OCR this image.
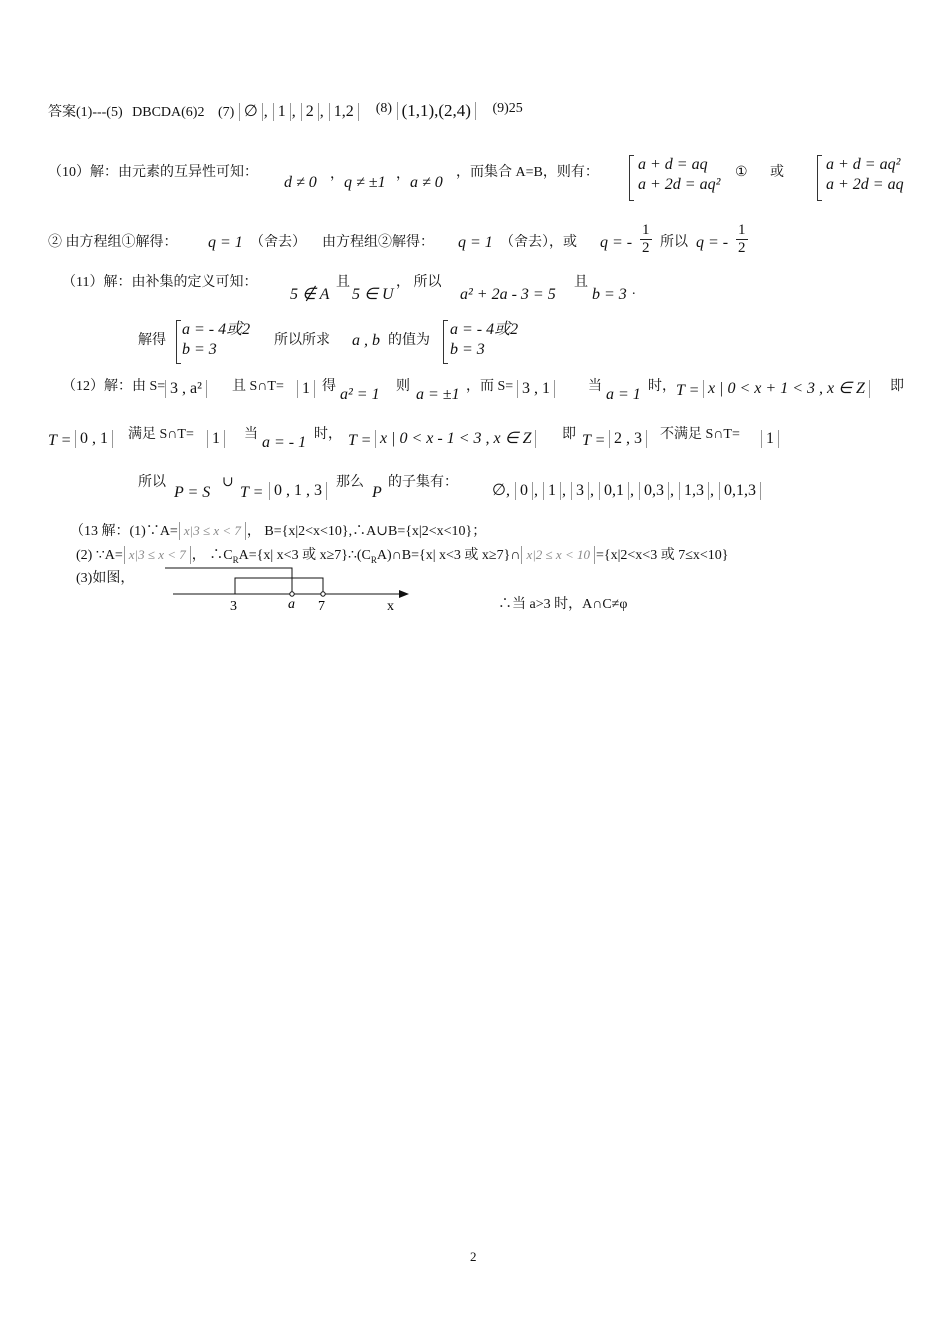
答案(1)---(5) DBCDA(6)2 (7) ∅ , 1 , 2 , 1,2 (8) (1,1),(2,4) (9)25
（10）解：由元素的互异性可知：
d ≠ 0 ， q ≠ ±1 ， a ≠ 0
，而集合 A=B，则有： a + d = aq
a + 2d = aq²
① 或	a + d = aq²
a + 2d = aq
② 由方程组①解得： q = 1 （舍去） 由方程组②解得： q = 1 （舍去），或 q = - $\frac{1}{2}$ 所以 q = - $\frac{1}{2}$
（11）解：由补集的定义可知：
5 ∉ A
且
5 ∈ U
， 所以
a² + 2a - 3 = 5
且
b = 3 .
解得
a = - 4或2
b = 3
所以所求 a , b 的值为
a = - 4或2
b = 3
（12）解：由 S= 3 , a²	且 S∩T=	1 得 a² = 1 则 a = ±1 ，而 S= 3 , 1	当 a = 1 时， T = x | 0 < x + 1 < 3 , x ∈ Z	即
T = 0 , 1	满足 S∩T=	1	当 a = - 1 时， T = x | 0 < x - 1 < 3 , x ∈ Z	即 T = 2 , 3	不满足 S∩T=	1
所以
P = S
∪
T = 0 , 1 , 3	那么
P
的子集有： ∅, 0 , 1 , 3 , 0,1 , 0,3 , 1,3 , 0,1,3
（13 解：(1)∵A= x|3 ≤ x < 7 ， B={x|2<x<10},∴A∪B={x|2<x<10}；
(2) ∵A= x|3 ≤ x < 7 ， $\therefore C_RA=\{x|$ x<3 或 $x\ge 7\}\therefore(C_RA)\cap B=\{x|$ x<3 或 x≥7}∩ x|2 ≤ x < 10 ={x|2<x<3 或 7≤x<10}
(3)如图，
3	a 7	x	∴当 a>3 时，A∩C≠φ
2
